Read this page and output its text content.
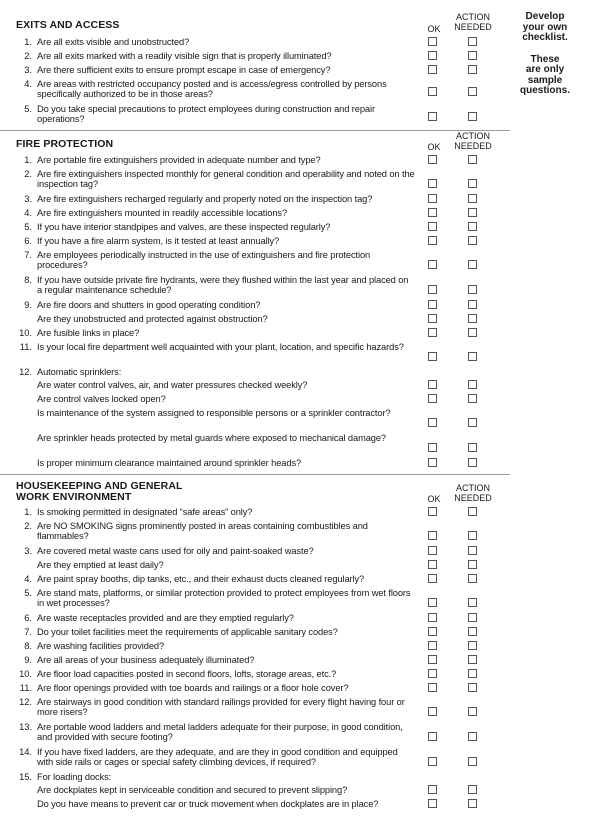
Develop
your own
checklist.
These
are only
sample
questions.
EXITS AND ACCESS	OK
ACTION
NEEDED
1. Are all exits visible and unobstructed?
2. Are all exits marked with a readily visible sign that is properly illuminated?
3. Are there sufficient exits to ensure prompt escape in case of emergency?
4. Are areas with restricted occupancy posted and is access/egress controlled by persons specifically authorized to be in those areas?
5. Do you take special precautions to protect employees during construction and repair operations?
FIRE PROTECTION	OK
ACTION
NEEDED
1. Are portable fire extinguishers provided in adequate number and type?
2. Are fire extinguishers inspected monthly for general condition and operability and noted on the inspection tag?
3. Are fire extinguishers recharged regularly and properly noted on the inspection tag?
4. Are fire extinguishers mounted in readily accessible locations?
5. If you have interior standpipes and valves, are these inspected regularly?
6. If you have a fire alarm system, is it tested at least annually?
7. Are employees periodically instructed in the use of extinguishers and fire protection procedures?
8. If you have outside private fire hydrants, were they flushed within the last year and placed on a regular maintenance schedule?
9. Are fire doors and shutters in good operating condition?
Are they unobstructed and protected against obstruction?
10. Are fusible links in place?
11. Is your local fire department well acquainted with your plant, location, and specific hazards?
12. Automatic sprinklers:
Are water control valves, air, and water pressures checked weekly?
Are control valves locked open?
Is maintenance of the system assigned to responsible persons or a sprinkler contractor?
Are sprinkler heads protected by metal guards where exposed to mechanical damage?
Is proper minimum clearance maintained around sprinkler heads?
HOUSEKEEPING AND GENERAL
WORK ENVIRONMENT	OK
ACTION
NEEDED
1. Is smoking permitted in designated “safe areas” only?
2. Are NO SMOKING signs prominently posted in areas containing combustibles and flammables?
3. Are covered metal waste cans used for oily and paint-soaked waste?
Are they emptied at least daily?
4. Are paint spray booths, dip tanks, etc., and their exhaust ducts cleaned regularly?
5. Are stand mats, platforms, or similar protection provided to protect employees from wet floors in wet processes?
6. Are waste receptacles provided and are they emptied regularly?
7. Do your toilet facilities meet the requirements of applicable sanitary codes?
8. Are washing facilities provided?
9. Are all areas of your business adequately illuminated?
10. Are floor load capacities posted in second floors, lofts, storage areas, etc.?
11. Are floor openings provided with toe boards and railings or a floor hole cover?
12. Are stairways in good condition with standard railings provided for every flight having four or more risers?
13. Are portable wood ladders and metal ladders adequate for their purpose, in good condition, and provided with secure footing?
14. If you have fixed ladders, are they adequate, and are they in good condition and equipped with side rails or cages or special safety climbing devices, if required?
15. For loading docks:
Are dockplates kept in serviceable condition and secured to prevent slipping?
Do you have means to prevent car or truck movement when dockplates are in place?
